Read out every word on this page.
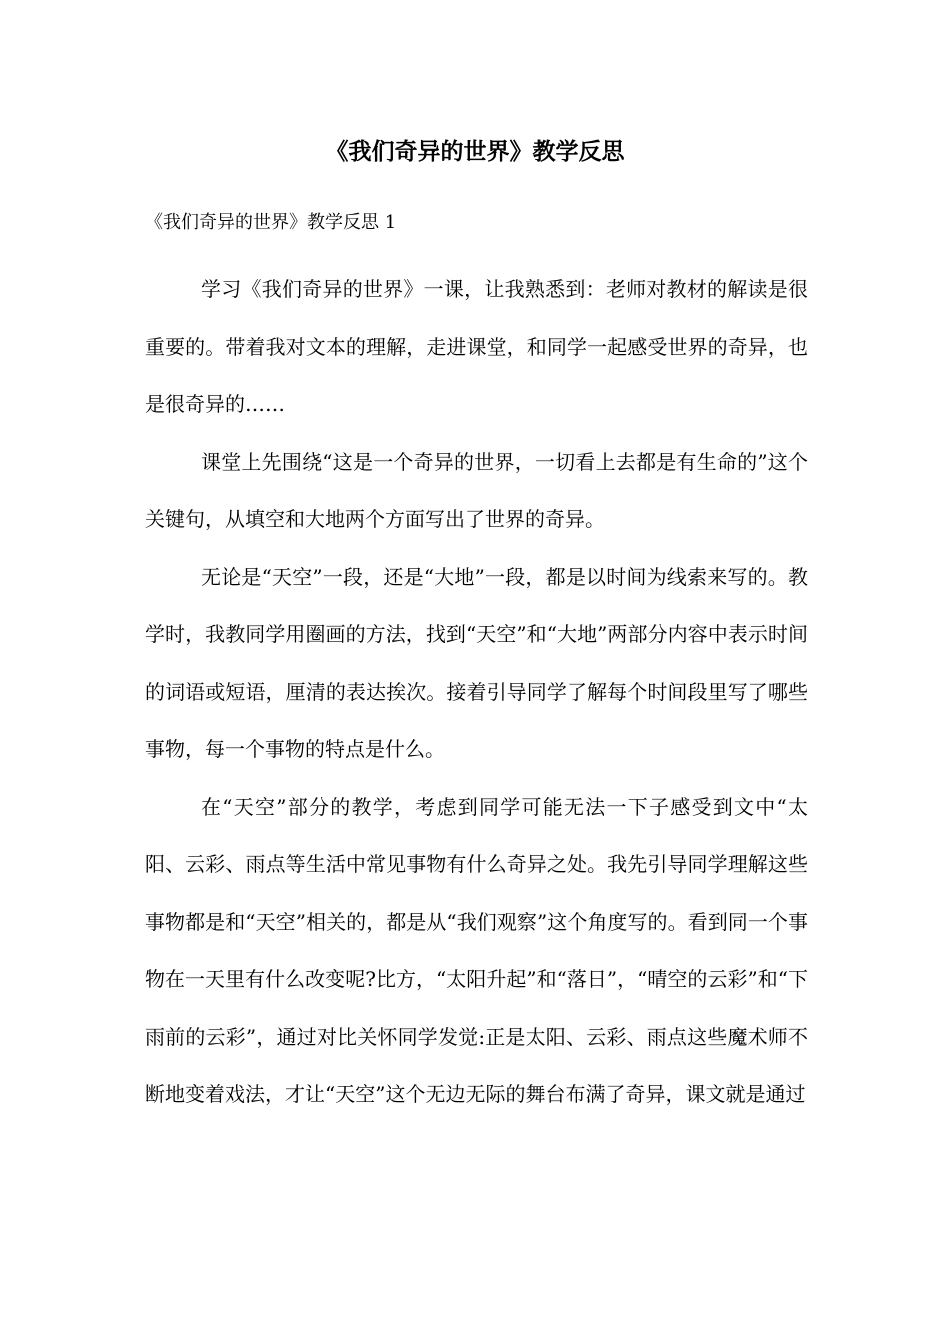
《我们奇异的世界》教学反思
《我们奇异的世界》教学反思 1

学习《我们奇异的世界》一课，让我熟悉到：老师对教材的解读是很重要的。带着我对文本的理解，走进课堂，和同学一起感受世界的奇异，也是很奇异的……

课堂上先围绕“这是一个奇异的世界，一切看上去都是有生命的”这个关键句，从填空和大地两个方面写出了世界的奇异。

无论是“天空”一段，还是“大地”一段，都是以时间为线索来写的。教学时，我教同学用圈画的方法，找到“天空”和“大地”两部分内容中表示时间的词语或短语，厘清的表达挨次。接着引导同学了解每个时间段里写了哪些事物，每一个事物的特点是什么。

在“天空”部分的教学，考虑到同学可能无法一下子感受到文中“太阳、云彩、雨点等生活中常见事物有什么奇异之处。我先引导同学理解这些事物都是和“天空”相关的，都是从“我们观察”这个角度写的。看到同一个事物在一天里有什么改变呢?比方，“太阳升起”和“落日”，“晴空的云彩”和“下雨前的云彩”，通过对比关怀同学发觉:正是太阳、云彩、雨点这些魔术师不断地变着戏法，才让“天空”这个无边无际的舞台布满了奇异，课文就是通过
